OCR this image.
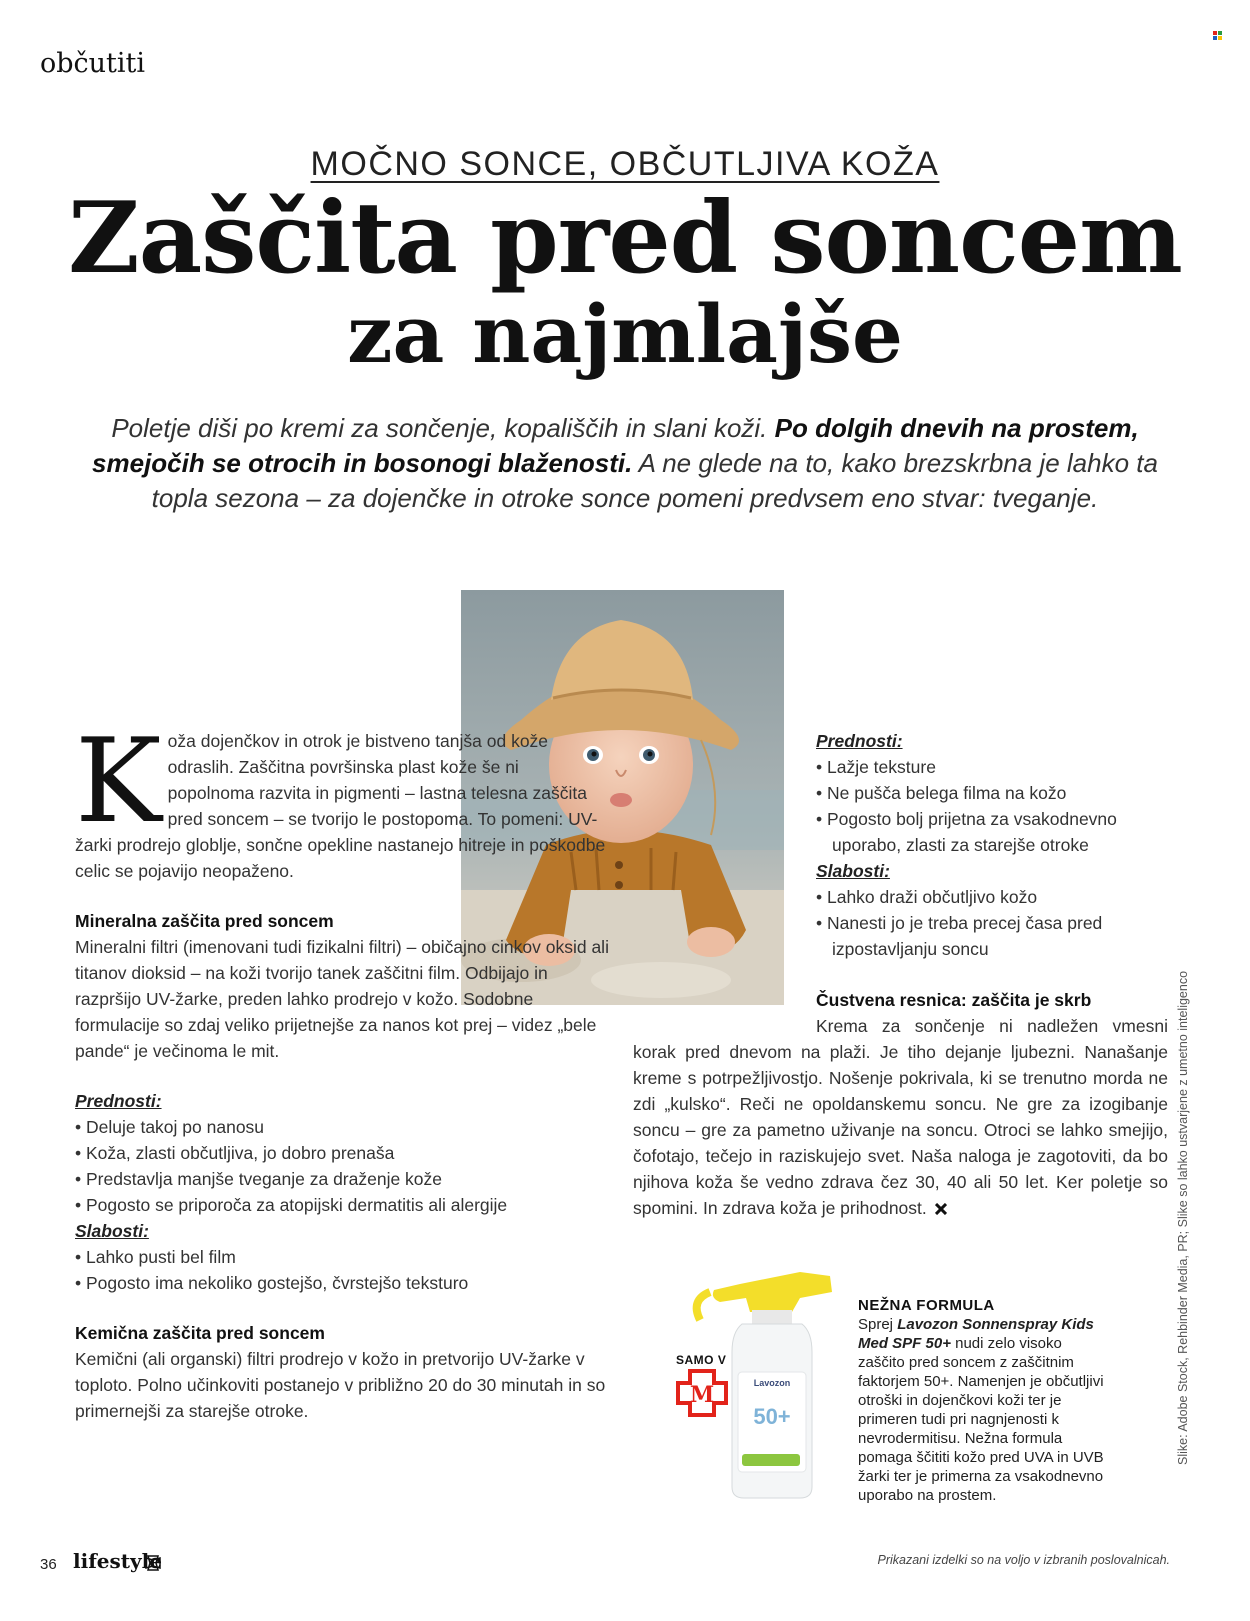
občutiti
MOČNO SONCE, OBČUTLJIVA KOŽA
Zaščita pred soncem
za najmlajše
Poletje diši po kremi za sončenje, kopališčih in slani koži. Po dolgih dnevih na prostem, smejočih se otrocih in bosonogi blaženosti. A ne glede na to, kako brezskrbna je lahko ta topla sezona – za dojenčke in otroke sonce pomeni predvsem eno stvar: tveganje.

Koža dojenčkov in otrok je bistveno tanjša od kože odraslih. Zaščitna površinska plast kože še ni popolnoma razvita in pigmenti – lastna telesna zaščita pred soncem – se tvorijo le postopoma. To pomeni: UV-žarki prodrejo globlje, sončne opekline nastanejo hitreje in poškodbe celic se pojavijo neopaženo.

Mineralna zaščita pred soncem

Mineralni filtri (imenovani tudi fizikalni filtri) – običajno cinkov oksid ali titanov dioksid – na koži tvorijo tanek zaščitni film. Odbijajo in razpršijo UV-žarke, preden lahko prodrejo v kožo. Sodobne formulacije so zdaj veliko prijetnejše za nanos kot prej – videz „bele pande“ je večinoma le mit.

Prednosti:
• Deluje takoj po nanosu
• Koža, zlasti občutljiva, jo dobro prenaša
• Predstavlja manjše tveganje za draženje kože
• Pogosto se priporoča za atopijski dermatitis ali alergije
Slabosti:
• Lahko pusti bel film
• Pogosto ima nekoliko gostejšo, čvrstejšo teksturo
Kemična zaščita pred soncem

Kemični (ali organski) filtri prodrejo v kožo in pretvorijo UV-žarke v toploto. Polno učinkoviti postanejo v približno 20 do 30 minutah in so primernejši za starejše otroke.

Prednosti:
• Lažje teksture
• Ne pušča belega filma na kožo
• Pogosto bolj prijetna za vsakodnevno uporabo, zlasti za starejše otroke
Slabosti:
• Lahko draži občutljivo kožo
• Nanesti jo je treba precej časa pred izpostavljanju soncu
Čustvena resnica: zaščita je skrb

Krema za sončenje ni nadležen vmesni korak pred dnevom na plaži. Je tiho dejanje ljubezni. Nanašanje kreme s potrpežljivostjo. Nošenje pokrivala, ki se trenutno morda ne zdi „kulsko“. Reči ne opoldanskemu soncu. Ne gre za izogibanje soncu – gre za pametno uživanje na soncu. Otroci se lahko smejijo, čofotajo, tečejo in raziskujejo svet. Naša naloga je zagotoviti, da bo njihova koža še vedno zdrava čez 30, 40 ali 50 let. Ker poletje so spomini. In zdrava koža je prihodnost.

Lavozon
50+
SAMO V
M
NEŽNA FORMULA
Sprej Lavozon Sonnenspray Kids Med SPF 50+ nudi zelo visoko zaščito pred soncem z zaščitnim faktorjem 50+. Namenjen je občutljivi otroški in dojenčkovi koži ter je primeren tudi pri nagnjenosti k nevrodermitisu. Nežna formula pomaga ščititi kožo pred UVA in UVB žarki ter je primerna za vsakodnevno uporabo na prostem.
Slike: Adobe Stock, Rehbinder Media, PR; Slike so lahko ustvarjene z umetno inteligenco
36 lifestyle	Prikazani izdelki so na voljo v izbranih poslovalnicah.
